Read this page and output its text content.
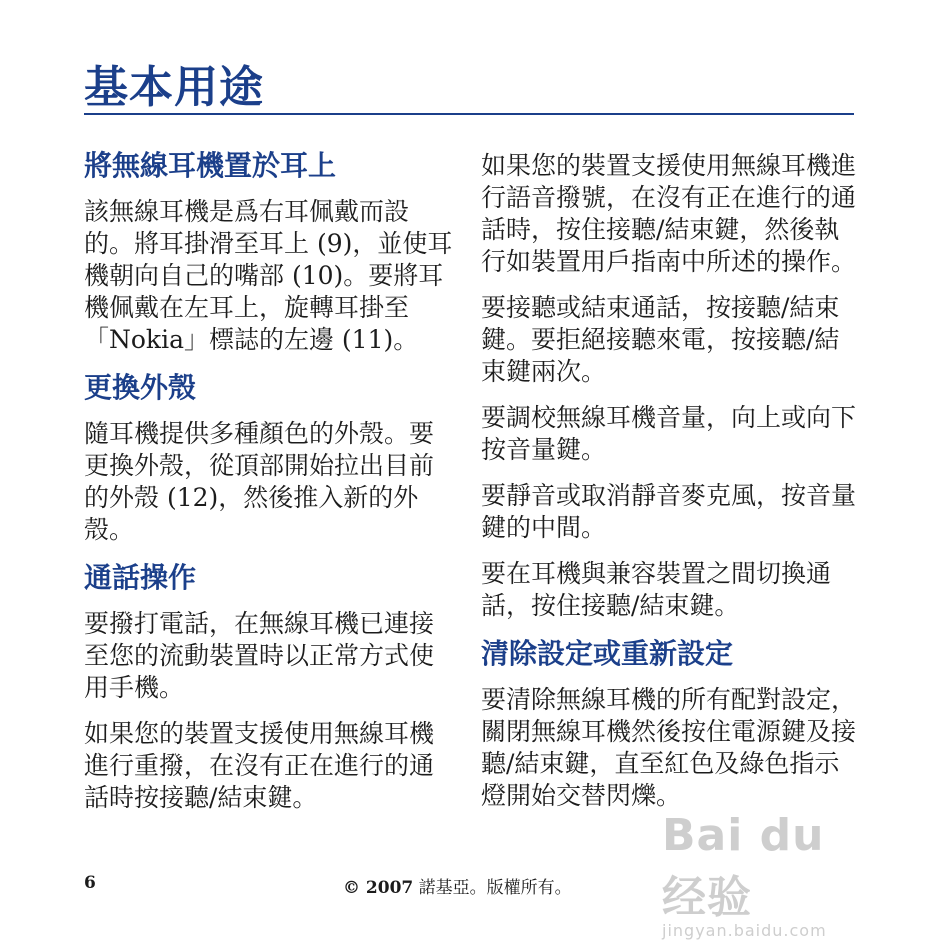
基本用途
將無線耳機置於耳上

該無線耳機是爲右耳佩戴而設的。將耳掛滑至耳上 (9)，並使耳機朝向自己的嘴部 (10)。要將耳機佩戴在左耳上，旋轉耳掛至 「Nokia」標誌的左邊 (11)。

更換外殼

隨耳機提供多種顏色的外殼。要更換外殼，從頂部開始拉出目前的外殼 (12)，然後推入新的外殼。

通話操作

要撥打電話，在無線耳機已連接至您的流動裝置時以正常方式使用手機。

如果您的裝置支援使用無線耳機進行重撥，在沒有正在進行的通話時按接聽/結束鍵。

如果您的裝置支援使用無線耳機進行語音撥號，在沒有正在進行的通話時，按住接聽/結束鍵，然後執行如裝置用戶指南中所述的操作。

要接聽或結束通話，按接聽/結束鍵。要拒絕接聽來電，按接聽/結束鍵兩次。

要調校無線耳機音量，向上或向下按音量鍵。

要靜音或取消靜音麥克風，按音量鍵的中間。

要在耳機與兼容裝置之間切換通話，按住接聽/結束鍵。

清除設定或重新設定

要清除無線耳機的所有配對設定，關閉無線耳機然後按住電源鍵及接聽/結束鍵，直至紅色及綠色指示燈開始交替閃爍。

6	© 2007 諾基亞。版權所有。
Bai du 经验
jingyan.baidu.com
